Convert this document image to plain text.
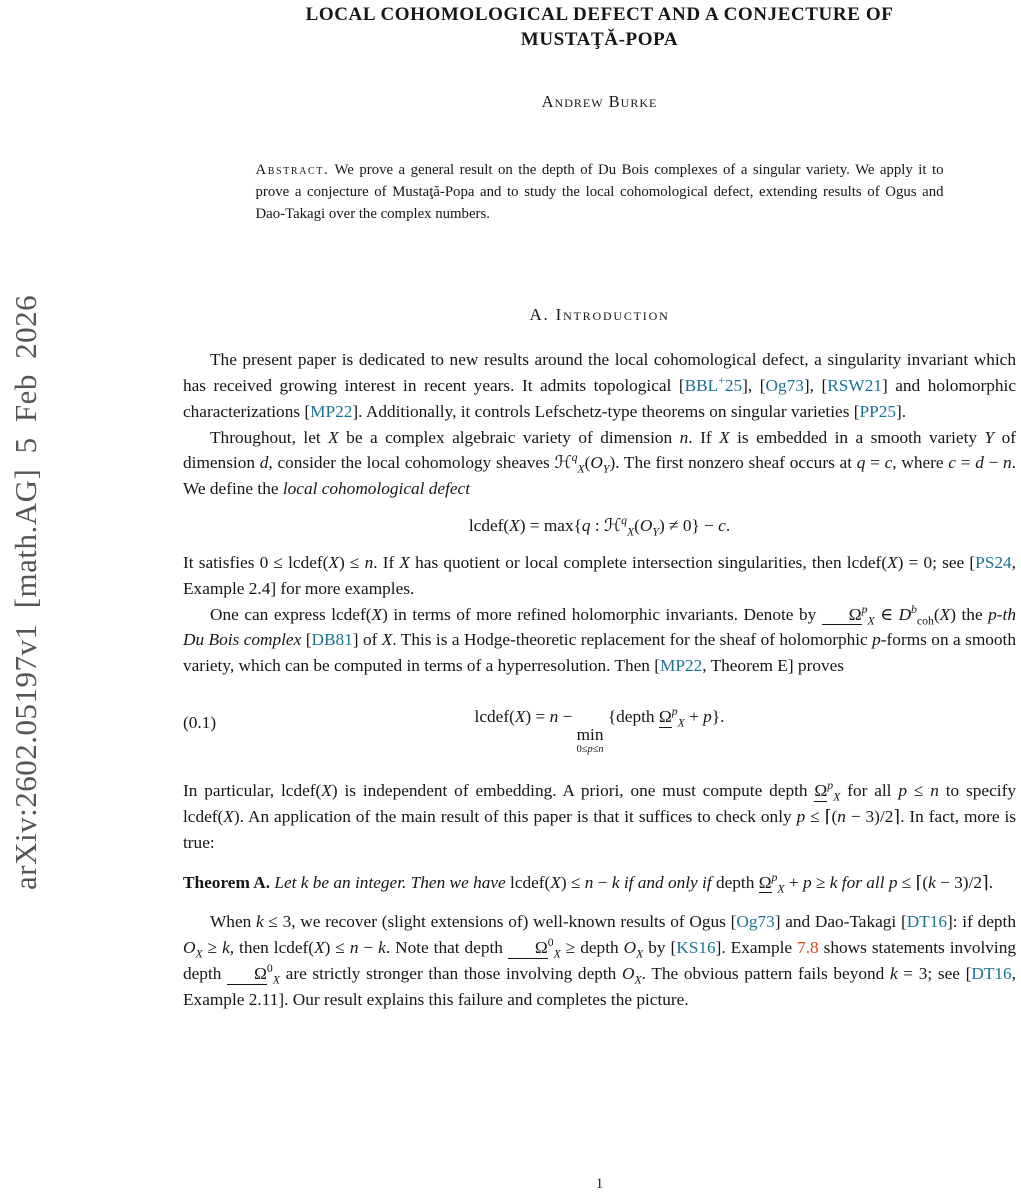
arXiv:2602.05197v1 [math.AG] 5 Feb 2026
LOCAL COHOMOLOGICAL DEFECT AND A CONJECTURE OF
MUSTAŢĂ-POPA
Andrew Burke
Abstract. We prove a general result on the depth of Du Bois complexes of a singular variety. We apply it to prove a conjecture of Mustaţă-Popa and to study the local cohomological defect, extending results of Ogus and Dao-Takagi over the complex numbers.
A. Introduction

The present paper is dedicated to new results around the local cohomological defect, a singularity invariant which has received growing interest in recent years. It admits topological [BBL+25], [Og73], [RSW21] and holomorphic characterizations [MP22]. Additionally, it controls Lefschetz-type theorems on singular varieties [PP25].

Throughout, let X be a complex algebraic variety of dimension n. If X is embedded in a smooth variety Y of dimension d, consider the local cohomology sheaves $ℋ^q_X(O_Y)$. The first nonzero sheaf occurs at q = c, where c = d − n. We define the local cohomological defect

lcdef(X) = max{q : $ℋ^q_X(O_Y) \ne 0\} - c$.

It satisfies 0 ≤ lcdef(X) ≤ n. If X has quotient or local complete intersection singularities, then lcdef(X) = 0; see [PS24, Example 2.4] for more examples.

One can express lcdef(X) in terms of more refined holomorphic invariants. Denote by $\Omega^p_X$ ∈ $D^b_{coh}(X)$ the p-th Du Bois complex [DB81] of X. This is a Hodge-theoretic replacement for the sheaf of holomorphic p-forms on a smooth variety, which can be computed in terms of a hyperresolution. Then [MP22, Theorem E] proves

(0.1)	lcdef(X) = n −
min
0≤p≤n
{depth $\Omega^p_X + p$}.

In particular, lcdef(X) is independent of embedding. A priori, one must compute depth $\Omega^p_X$ for all p ≤ n to specify lcdef(X). An application of the main result of this paper is that it suffices to check only p ≤ ⌈(n − 3)/2⌉. In fact, more is true:

Theorem A. Let k be an integer. Then we have lcdef(X) ≤ n − k if and only if depth $\Omega^p_X + p \ge k$ for all p ≤ ⌈(k − 3)/2⌉.

When k ≤ 3, we recover (slight extensions of) well-known results of Ogus [Og73] and Dao-Takagi [DT16]: if depth $O_X \ge k$, then lcdef(X) ≤ n − k. Note that depth $\Omega^0_X$ ≥ depth $O_X$ by [KS16]. Example 7.8 shows statements involving depth $\Omega^0_X$ are strictly stronger than those involving depth $O_X$. The obvious pattern fails beyond k = 3; see [DT16, Example 2.11]. Our result explains this failure and completes the picture.

1
